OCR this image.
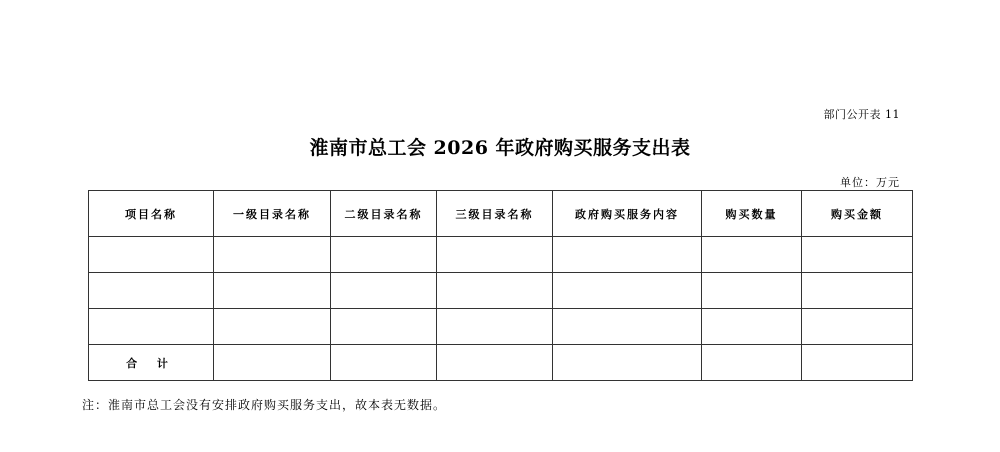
部门公开表 11
淮南市总工会 2026 年政府购买服务支出表
单位：万元
项目名称	一级目录名称	二级目录名称	三级目录名称	政府购买服务内容	购买数量	购买金额

合 计						
注：淮南市总工会没有安排政府购买服务支出，故本表无数据。
